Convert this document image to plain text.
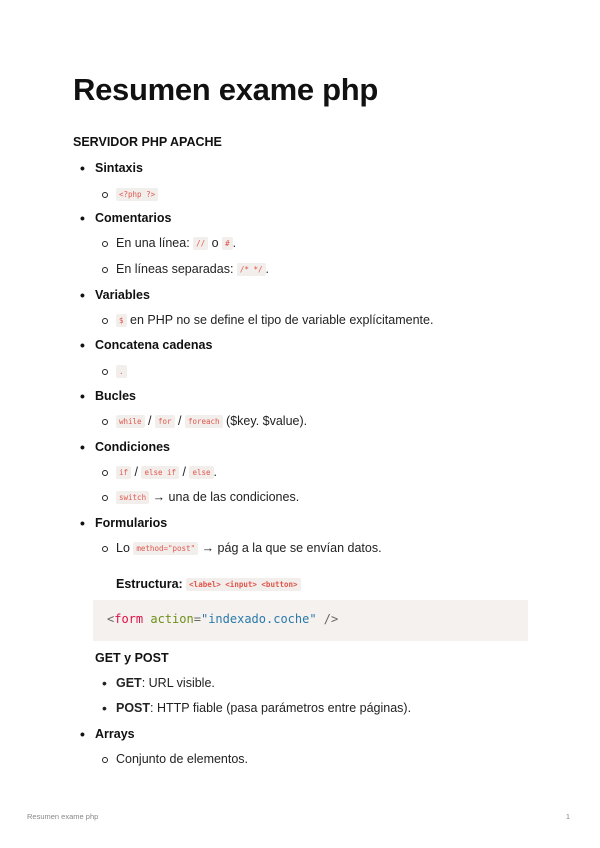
Resumen exame php
SERVIDOR PHP APACHE
• Sintaxis
<?php ?>
• Comentarios
En una línea: // o # .
En líneas separadas: /* */ .
• Variables
$ en PHP no se define el tipo de variable explícitamente.
• Concatena cadenas
.
• Bucles
while / for / foreach ($key. $value).
• Condiciones
if / else if / else .
switch → una de las condiciones.
• Formularios
Lo method="post" → pág a la que se envían datos.
Estructura: <label> <input> <button>
<form action="indexado.coche" />
GET y POST
• GET: URL visible.
• POST: HTTP fiable (pasa parámetros entre páginas).
• Arrays
Conjunto de elementos.
Resumen exame php	1
